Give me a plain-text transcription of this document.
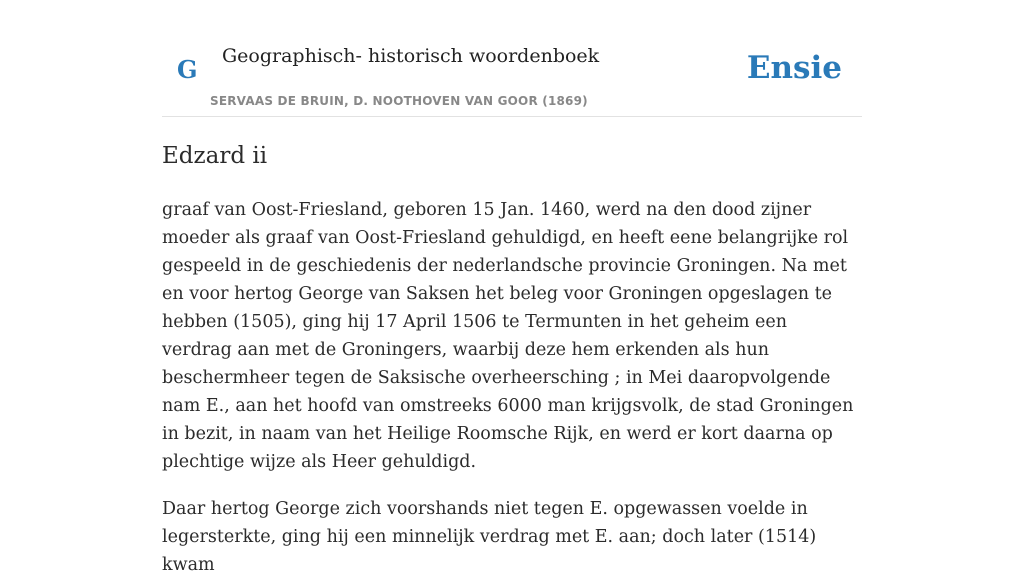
G Geographisch- historisch woordenboek
SERVAAS DE BRUIN, D. NOOTHOVEN VAN GOOR (1869)
Ensie
Edzard ii

graaf van Oost-Friesland, geboren 15 Jan. 1460, werd na den dood zijner moeder als graaf van Oost-Friesland gehuldigd, en heeft eene belangrijke rol gespeeld in de geschiedenis der nederlandsche provincie Groningen. Na met en voor hertog George van Saksen het beleg voor Groningen opgeslagen te hebben (1505), ging hij 17 April 1506 te Termunten in het geheim een verdrag aan met de Groningers, waarbij deze hem erkenden als hun beschermheer tegen de Saksische overheersching ; in Mei daaropvolgende nam E., aan het hoofd van omstreeks 6000 man krijgsvolk, de stad Groningen in bezit, in naam van het Heilige Roomsche Rijk, en werd er kort daarna op plechtige wijze als Heer gehuldigd.

Daar hertog George zich voorshands niet tegen E. opgewassen voelde in legersterkte, ging hij een minnelijk verdrag met E. aan; doch later (1514) kwam
